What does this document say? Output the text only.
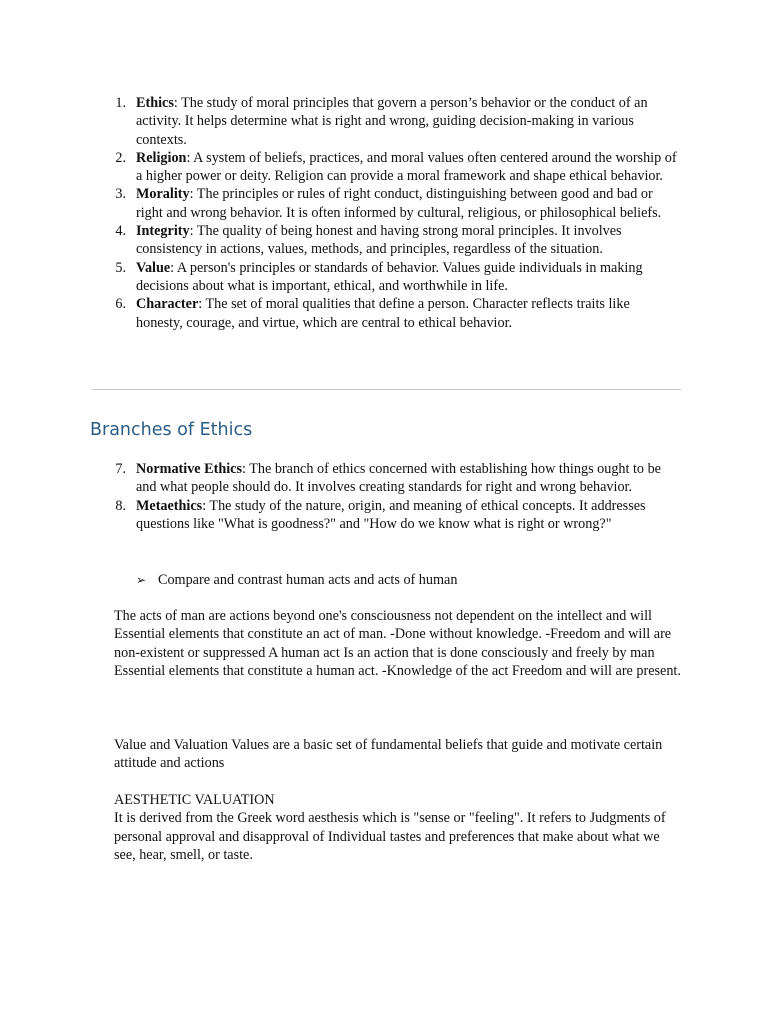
1. Ethics: The study of moral principles that govern a person’s behavior or the conduct of an activity. It helps determine what is right and wrong, guiding decision-making in various contexts.
2. Religion: A system of beliefs, practices, and moral values often centered around the worship of a higher power or deity. Religion can provide a moral framework and shape ethical behavior.
3. Morality: The principles or rules of right conduct, distinguishing between good and bad or right and wrong behavior. It is often informed by cultural, religious, or philosophical beliefs.
4. Integrity: The quality of being honest and having strong moral principles. It involves consistency in actions, values, methods, and principles, regardless of the situation.
5. Value: A person's principles or standards of behavior. Values guide individuals in making decisions about what is important, ethical, and worthwhile in life.
6. Character: The set of moral qualities that define a person. Character reflects traits like honesty, courage, and virtue, which are central to ethical behavior.
Branches of Ethics
7. Normative Ethics: The branch of ethics concerned with establishing how things ought to be and what people should do. It involves creating standards for right and wrong behavior.
8. Metaethics: The study of the nature, origin, and meaning of ethical concepts. It addresses questions like "What is goodness?" and "How do we know what is right or wrong?"
➢ Compare and contrast human acts and acts of human

The acts of man are actions beyond one's consciousness not dependent on the intellect and will Essential elements that constitute an act of man. -Done without knowledge. -Freedom and will are non-existent or suppressed A human act Is an action that is done consciously and freely by man Essential elements that constitute a human act. -Knowledge of the act Freedom and will are present.

Value and Valuation Values are a basic set of fundamental beliefs that guide and motivate certain attitude and actions

AESTHETIC VALUATION
It is derived from the Greek word aesthesis which is "sense or "feeling". It refers to Judgments of personal approval and disapproval of Individual tastes and preferences that make about what we see, hear, smell, or taste.
